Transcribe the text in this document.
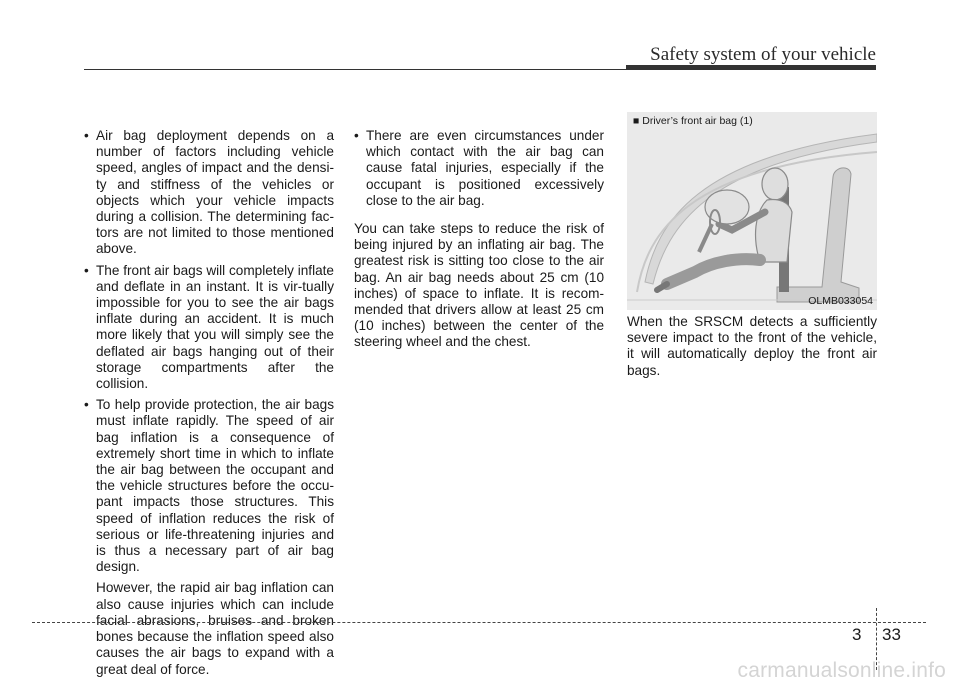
Safety system of your vehicle
• Air bag deployment depends on a number of factors including vehicle speed, angles of impact and the densi-ty and stiffness of the vehicles or objects which your vehicle impacts during a collision. The determining fac-tors are not limited to those mentioned above.
• The front air bags will completely inflate and deflate in an instant. It is vir-tually impossible for you to see the air bags inflate during an accident. It is much more likely that you will simply see the deflated air bags hanging out of their storage compartments after the collision.
• To help provide protection, the air bags must inflate rapidly. The speed of air bag inflation is a consequence of extremely short time in which to inflate the air bag between the occupant and the vehicle structures before the occu-pant impacts those structures. This speed of inflation reduces the risk of serious or life-threatening injuries and is thus a necessary part of air bag design.
However, the rapid air bag inflation can also cause injuries which can include facial abrasions, bruises and broken bones because the inflation speed also causes the air bags to expand with a great deal of force.
• There are even circumstances under which contact with the air bag can cause fatal injuries, especially if the occupant is positioned excessively close to the air bag.

You can take steps to reduce the risk of being injured by an inflating air bag. The greatest risk is sitting too close to the air bag. An air bag needs about 25 cm (10 inches) of space to inflate. It is recom-mended that drivers allow at least 25 cm (10 inches) between the center of the steering wheel and the chest.

■ Driver’s front air bag (1)
OLMB033054

When the SRSCM detects a sufficiently severe impact to the front of the vehicle, it will automatically deploy the front air bags.

3 33
carmanualsonline.info
